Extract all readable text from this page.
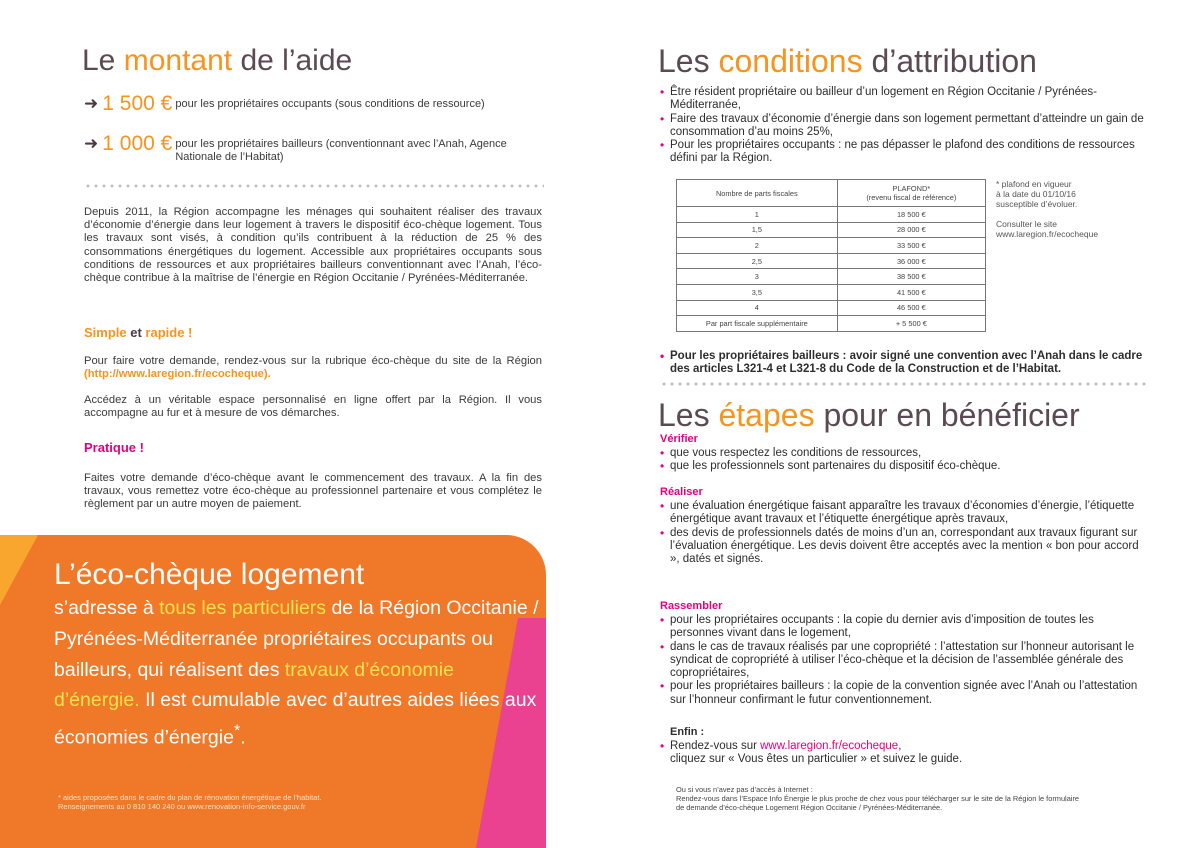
Le montant de l’aide
➜ 1 500 € pour les propriétaires occupants (sous conditions de ressource)
➜ 1 000 € pour les propriétaires bailleurs (conventionnant avec l’Anah, Agence Nationale de l’Habitat)

Depuis 2011, la Région accompagne les ménages qui souhaitent réaliser des travaux d’économie d’énergie dans leur logement à travers le dispositif éco-chèque logement. Tous les travaux sont visés, à condition qu’ils contribuent à la réduction de 25 % des consommations énergétiques du logement. Accessible aux propriétaires occupants sous conditions de ressources et aux propriétaires bailleurs conventionnant avec l’Anah, l’éco-chèque contribue à la maîtrise de l’énergie en Région Occitanie / Pyrénées-Méditerranée.

Simple et rapide !

Pour faire votre demande, rendez-vous sur la rubrique éco-chèque du site de la Région (http://www.laregion.fr/ecocheque).

Accédez à un véritable espace personnalisé en ligne offert par la Région. Il vous accompagne au fur et à mesure de vos démarches.

Pratique !

Faites votre demande d’éco-chèque avant le commencement des travaux. A la fin des travaux, vous remettez votre éco-chèque au professionnel partenaire et vous complétez le règlement par un autre moyen de paiement.

L’éco-chèque logement

s’adresse à tous les particuliers de la Région Occitanie / Pyrénées-Méditerranée propriétaires occupants ou bailleurs, qui réalisent des travaux d’économie d’énergie. Il est cumulable avec d’autres aides liées aux économies d’énergie*.

* aides proposées dans le cadre du plan de rénovation énergétique de l’habitat.
Renseignements au 0 810 140 240 ou www.renovation-info-service.gouv.fr

Les conditions d’attribution
• Être résident propriétaire ou bailleur d’un logement en Région Occitanie / Pyrénées-Méditerranée,
• Faire des travaux d’économie d’énergie dans son logement permettant d’atteindre un gain de consommation d’au moins 25%,
• Pour les propriétaires occupants : ne pas dépasser le plafond des conditions de ressources défini par la Région.
Nombre de parts fiscales	PLAFOND*
(revenu fiscal de référence)
1	18 500 €
1,5	28 000 €
2	33 500 €
2,5	36 000 €
3	38 500 €
3,5	41 500 €
4	46 500 €
Par part fiscale supplémentaire	+ 5 500 €

* plafond en vigueur
à la date du 01/10/16
susceptible d’évoluer.

Consulter le site
www.laregion.fr/ecocheque

• Pour les propriétaires bailleurs : avoir signé une convention avec l’Anah dans le cadre des articles L321-4 et L321-8 du Code de la Construction et de l’Habitat.
Les étapes pour en bénéficier

Vérifier

• que vous respectez les conditions de ressources,
• que les professionnels sont partenaires du dispositif éco-chèque.

Réaliser

• une évaluation énergétique faisant apparaître les travaux d’économies d’énergie, l’étiquette énergétique avant travaux et l’étiquette énergétique après travaux,
• des devis de professionnels datés de moins d’un an, correspondant aux travaux figurant sur l’évaluation énergétique. Les devis doivent être acceptés avec la mention « bon pour accord », datés et signés.

Rassembler

• pour les propriétaires occupants : la copie du dernier avis d’imposition de toutes les personnes vivant dans le logement,
• dans le cas de travaux réalisés par une copropriété : l’attestation sur l’honneur autorisant le syndicat de copropriété à utiliser l’éco-chèque et la décision de l’assemblée générale des copropriétaires,
• pour les propriétaires bailleurs : la copie de la convention signée avec l’Anah ou l’attestation sur l’honneur confirmant le futur conventionnement.

Enfin :

• Rendez-vous sur www.laregion.fr/ecocheque,
cliquez sur « Vous êtes un particulier » et suivez le guide.

Ou si vous n’avez pas d’accès à Internet :
Rendez-vous dans l’Espace Info Énergie le plus proche de chez vous pour télécharger sur le site de la Région le formulaire
de demande d’éco-chèque Logement Région Occitanie / Pyrénées-Méditerranée.
